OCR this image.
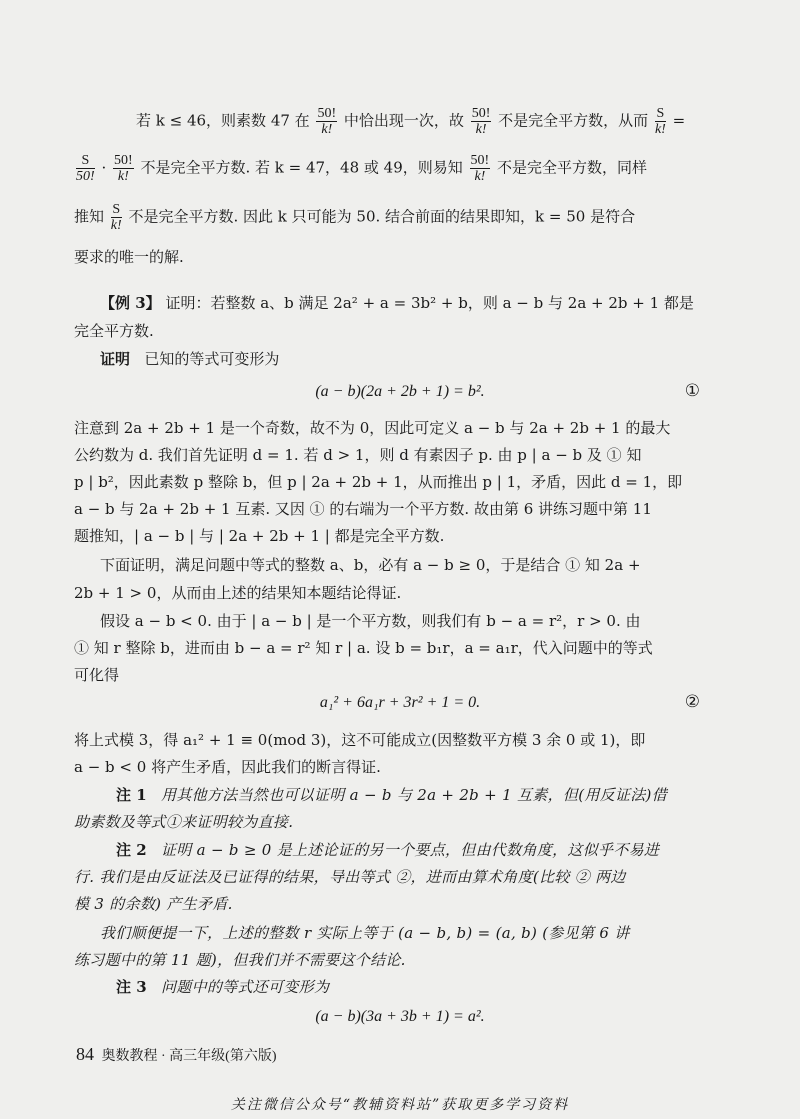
若 k ≤ 46，则素数 47 在 $\frac{50!}{k!}$ 中恰出现一次，故 $\frac{50!}{k!}$ 不是完全平方数，从而 $\frac{S}{k!}$ =
$\frac{S}{50!} \cdot \frac{50!}{k!}$ 不是完全平方数. 若 k = 47，48 或 49，则易知 $\frac{50!}{k!}$ 不是完全平方数，同样
推知 $\frac{S}{k!}$ 不是完全平方数. 因此 k 只可能为 50. 结合前面的结果即知，k = 50 是符合
要求的唯一的解.
【例 3】 证明：若整数 a、b 满足 2a² + a = 3b² + b，则 a − b 与 2a + 2b + 1 都是
完全平方数.
证明 已知的等式可变形为
(a − b)(2a + 2b + 1) = b².	①
注意到 2a + 2b + 1 是一个奇数，故不为 0，因此可定义 a − b 与 2a + 2b + 1 的最大
公约数为 d. 我们首先证明 d = 1. 若 d > 1，则 d 有素因子 p. 由 p | a − b 及 ① 知
p | b²，因此素数 p 整除 b，但 p | 2a + 2b + 1，从而推出 p | 1，矛盾，因此 d = 1，即
a − b 与 2a + 2b + 1 互素. 又因 ① 的右端为一个平方数. 故由第 6 讲练习题中第 11
题推知，| a − b | 与 | 2a + 2b + 1 | 都是完全平方数.
下面证明，满足问题中等式的整数 a、b，必有 a − b ≥ 0，于是结合 ① 知 2a +
2b + 1 > 0，从而由上述的结果知本题结论得证.
假设 a − b < 0. 由于 | a − b | 是一个平方数，则我们有 b − a = r²，r > 0. 由
① 知 r 整除 b，进而由 b − a = r² 知 r | a. 设 b = b₁r，a = a₁r，代入问题中的等式
可化得
a₁² + 6a₁r + 3r² + 1 = 0.	②
将上式模 3，得 a₁² + 1 ≡ 0(mod 3)，这不可能成立(因整数平方模 3 余 0 或 1)，即
a − b < 0 将产生矛盾，因此我们的断言得证.
注 1 用其他方法当然也可以证明 a − b 与 2a + 2b + 1 互素，但(用反证法)借
助素数及等式①来证明较为直接.
注 2 证明 a − b ≥ 0 是上述论证的另一个要点，但由代数角度，这似乎不易进
行. 我们是由反证法及已证得的结果，导出等式 ②，进而由算术角度(比较 ② 两边
模 3 的余数) 产生矛盾.
我们顺便提一下，上述的整数 r 实际上等于 (a − b, b) = (a, b) (参见第 6 讲
练习题中的第 11 题)，但我们并不需要这个结论.
注 3 问题中的等式还可变形为
(a − b)(3a + 3b + 1) = a².
84 奥数教程 · 高三年级(第六版)
关注微信公众号“教辅资料站”获取更多学习资料
